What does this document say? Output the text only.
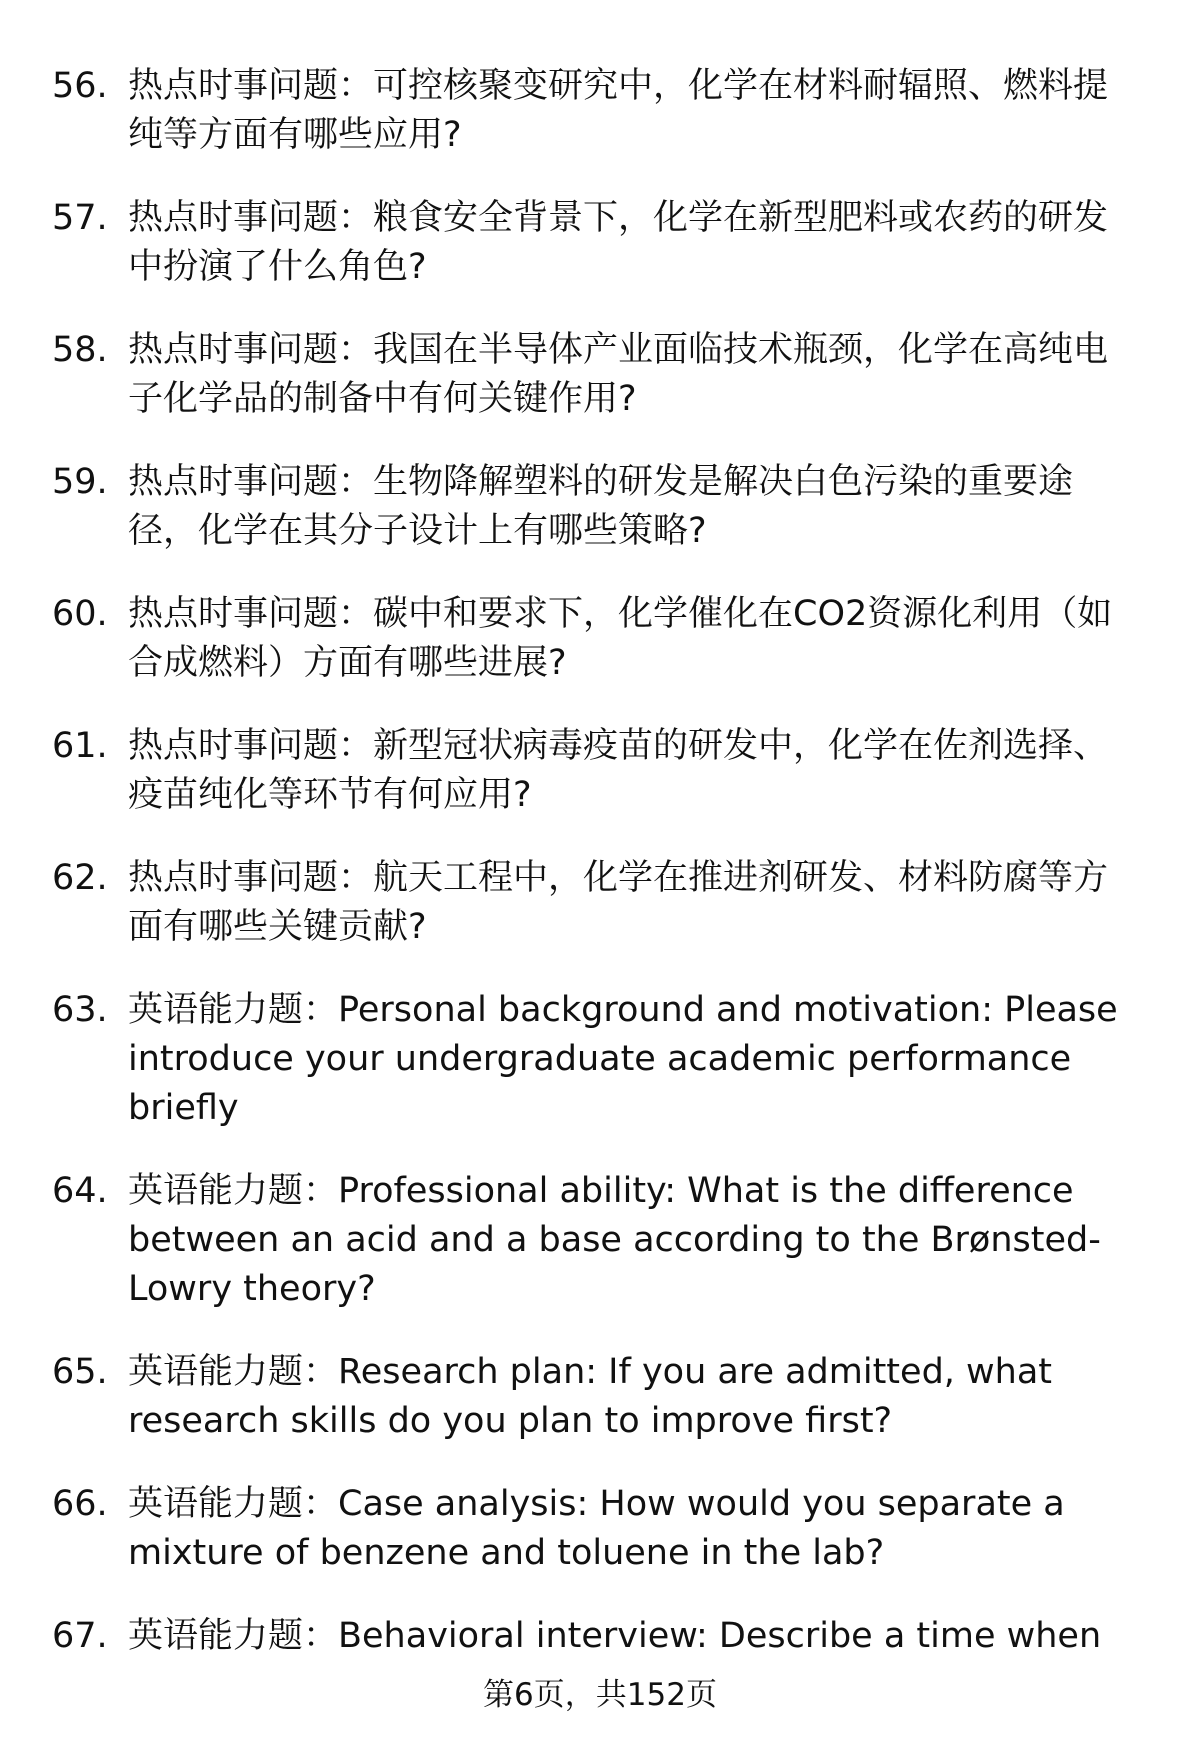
56. 热点时事问题：可控核聚变研究中，化学在材料耐辐照、燃料提纯等方面有哪些应用?
57. 热点时事问题：粮食安全背景下，化学在新型肥料或农药的研发中扮演了什么角色?
58. 热点时事问题：我国在半导体产业面临技术瓶颈，化学在高纯电子化学品的制备中有何关键作用?
59. 热点时事问题：生物降解塑料的研发是解决白色污染的重要途径，化学在其分子设计上有哪些策略?
60. 热点时事问题：碳中和要求下，化学催化在CO2资源化利用（如合成燃料）方面有哪些进展?
61. 热点时事问题：新型冠状病毒疫苗的研发中，化学在佐剂选择、疫苗纯化等环节有何应用?
62. 热点时事问题：航天工程中，化学在推进剂研发、材料防腐等方面有哪些关键贡献?
63. 英语能力题：Personal background and motivation: Please introduce your undergraduate academic performance briefly
64. 英语能力题：Professional ability: What is the difference between an acid and a base according to the Brønsted-Lowry theory?
65. 英语能力题：Research plan: If you are admitted, what research skills do you plan to improve first?
66. 英语能力题：Case analysis: How would you separate a mixture of benzene and toluene in the lab?
67. 英语能力题：Behavioral interview: Describe a time when
第6页，共152页
